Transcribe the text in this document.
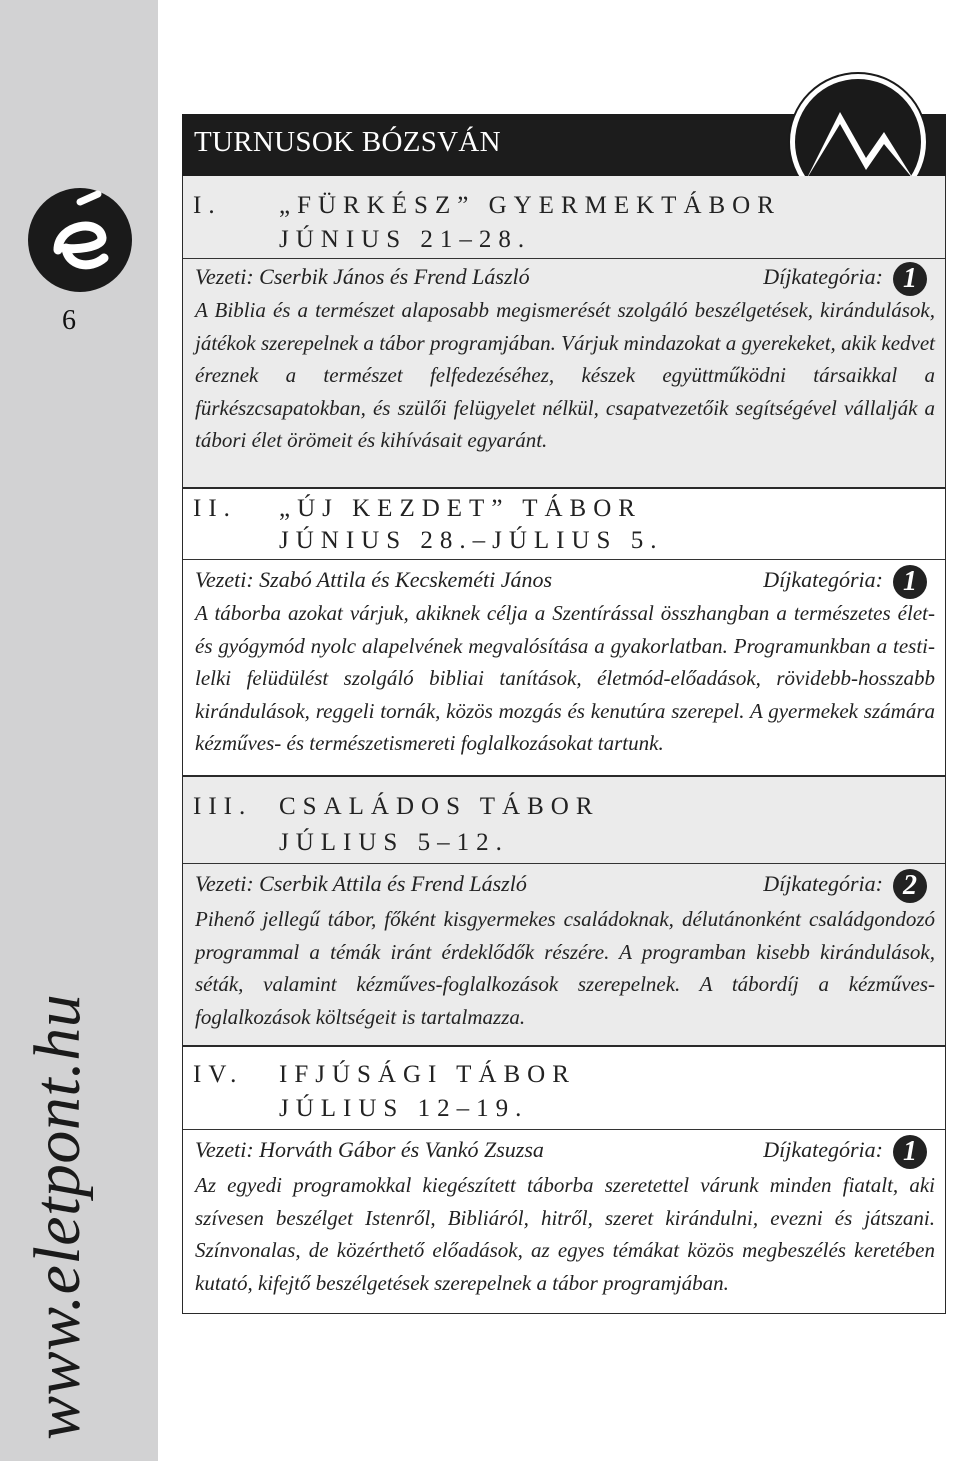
6
www.eletpont.hu
TURNUSOK BÓZSVÁN
I. „FÜRKÉSZ” GYERMEKTÁBOR
JÚNIUS 21–28.
Vezeti: Cserbik János és Frend László	Díjkategória: 1

A Biblia és a természet alaposabb megismerését szolgáló beszélgetések, kirándulások, játékok szerepelnek a tábor programjában. Várjuk mindazokat a gyerekeket, akik kedvet éreznek a természet felfedezéséhez, készek együttműködni társaikkal a fürkészcsapatokban, és szülői felügyelet nélkül, csapatvezetőik segítségével vállalják a tábori élet örömeit és kihívásait egyaránt.

II. „ÚJ KEZDET” TÁBOR
JÚNIUS 28.–JÚLIUS 5.
Vezeti: Szabó Attila és Kecskeméti János	Díjkategória: 1

A táborba azokat várjuk, akiknek célja a Szentírással összhangban a természetes élet- és gyógymód nyolc alapelvének megvalósítása a gyakorlatban. Programunkban a testi-lelki felüdülést szolgáló bibliai tanítások, életmód-előadások, rövidebb-hosszabb kirándulások, reggeli tornák, közös mozgás és kenutúra szerepel. A gyermekek számára kézműves- és természetismereti foglalkozásokat tartunk.

III. CSALÁDOS TÁBOR
JÚLIUS 5–12.
Vezeti: Cserbik Attila és Frend László	Díjkategória: 2

Pihenő jellegű tábor, főként kisgyermekes családoknak, délutánonként családgondozó programmal a témák iránt érdeklődők részére. A programban kisebb kirándulások, séták, valamint kézműves-foglalkozások szerepelnek. A tábordíj a kézműves-foglalkozások költségeit is tartalmazza.

IV. IFJÚSÁGI TÁBOR
JÚLIUS 12–19.
Vezeti: Horváth Gábor és Vankó Zsuzsa	Díjkategória: 1

Az egyedi programokkal kiegészített táborba szeretettel várunk minden fiatalt, aki szívesen beszélget Istenről, Bibliáról, hitről, szeret kirándulni, evezni és játszani. Színvonalas, de közérthető előadások, az egyes témákat közös megbeszélés keretében kutató, kifejtő beszélgetések szerepelnek a tábor programjában.
